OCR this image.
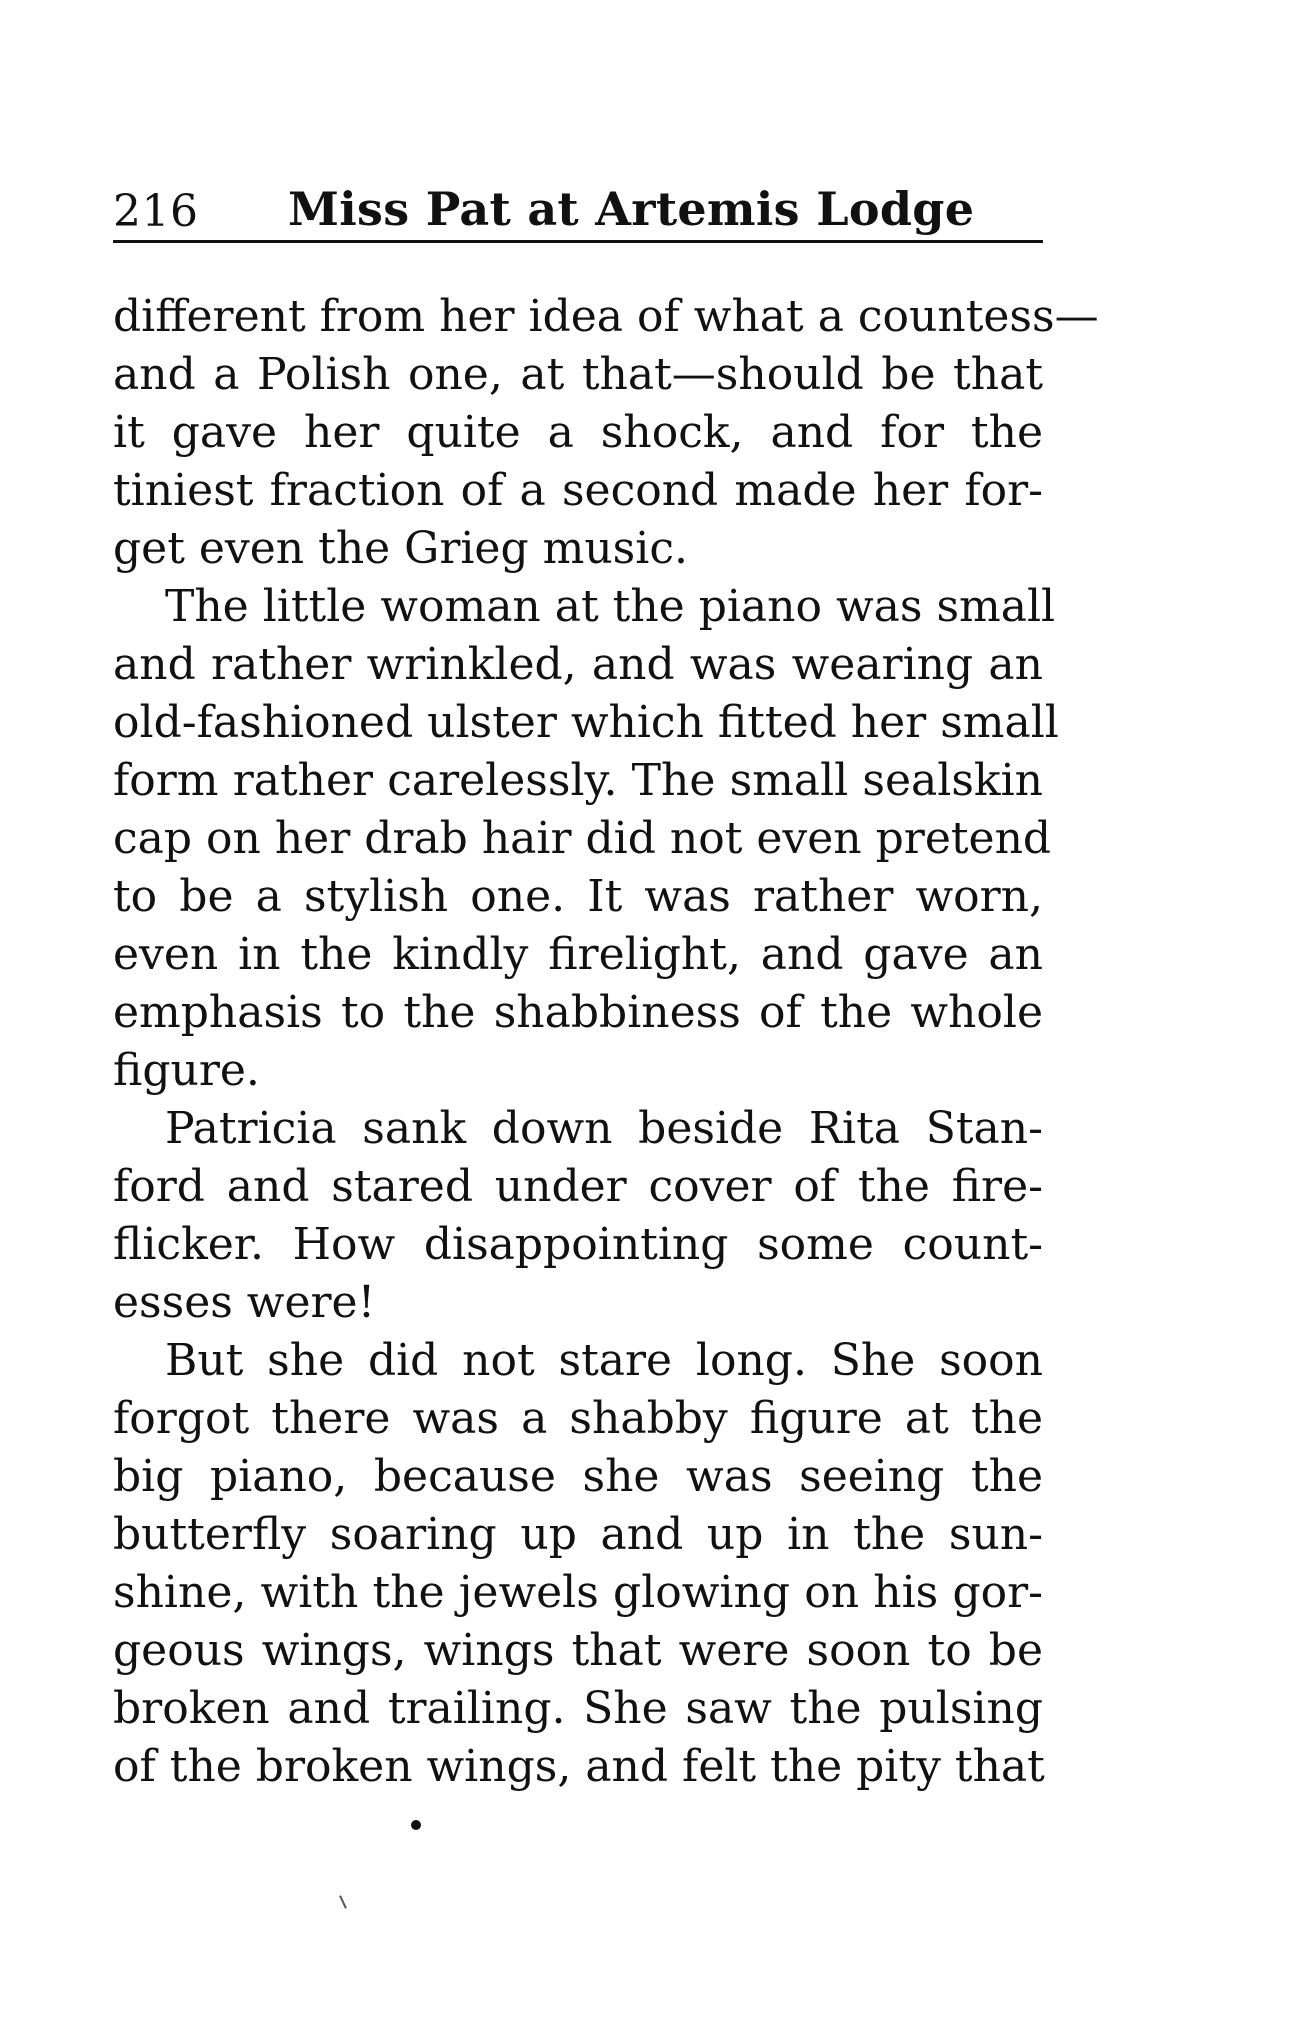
216 Miss Pat at Artemis Lodge
different from her idea of what a countess—
and a Polish one, at that—should be that
it gave her quite a shock, and for the
tiniest fraction of a second made her for-
get even the Grieg music.
The little woman at the piano was small
and rather wrinkled, and was wearing an
old-fashioned ulster which fitted her small
form rather carelessly. The small sealskin
cap on her drab hair did not even pretend
to be a stylish one. It was rather worn,
even in the kindly firelight, and gave an
emphasis to the shabbiness of the whole
figure.
Patricia sank down beside Rita Stan-
ford and stared under cover of the fire-
flicker. How disappointing some count-
esses were!
But she did not stare long. She soon
forgot there was a shabby figure at the
big piano, because she was seeing the
butterfly soaring up and up in the sun-
shine, with the jewels glowing on his gor-
geous wings, wings that were soon to be
broken and trailing. She saw the pulsing
of the broken wings, and felt the pity that
